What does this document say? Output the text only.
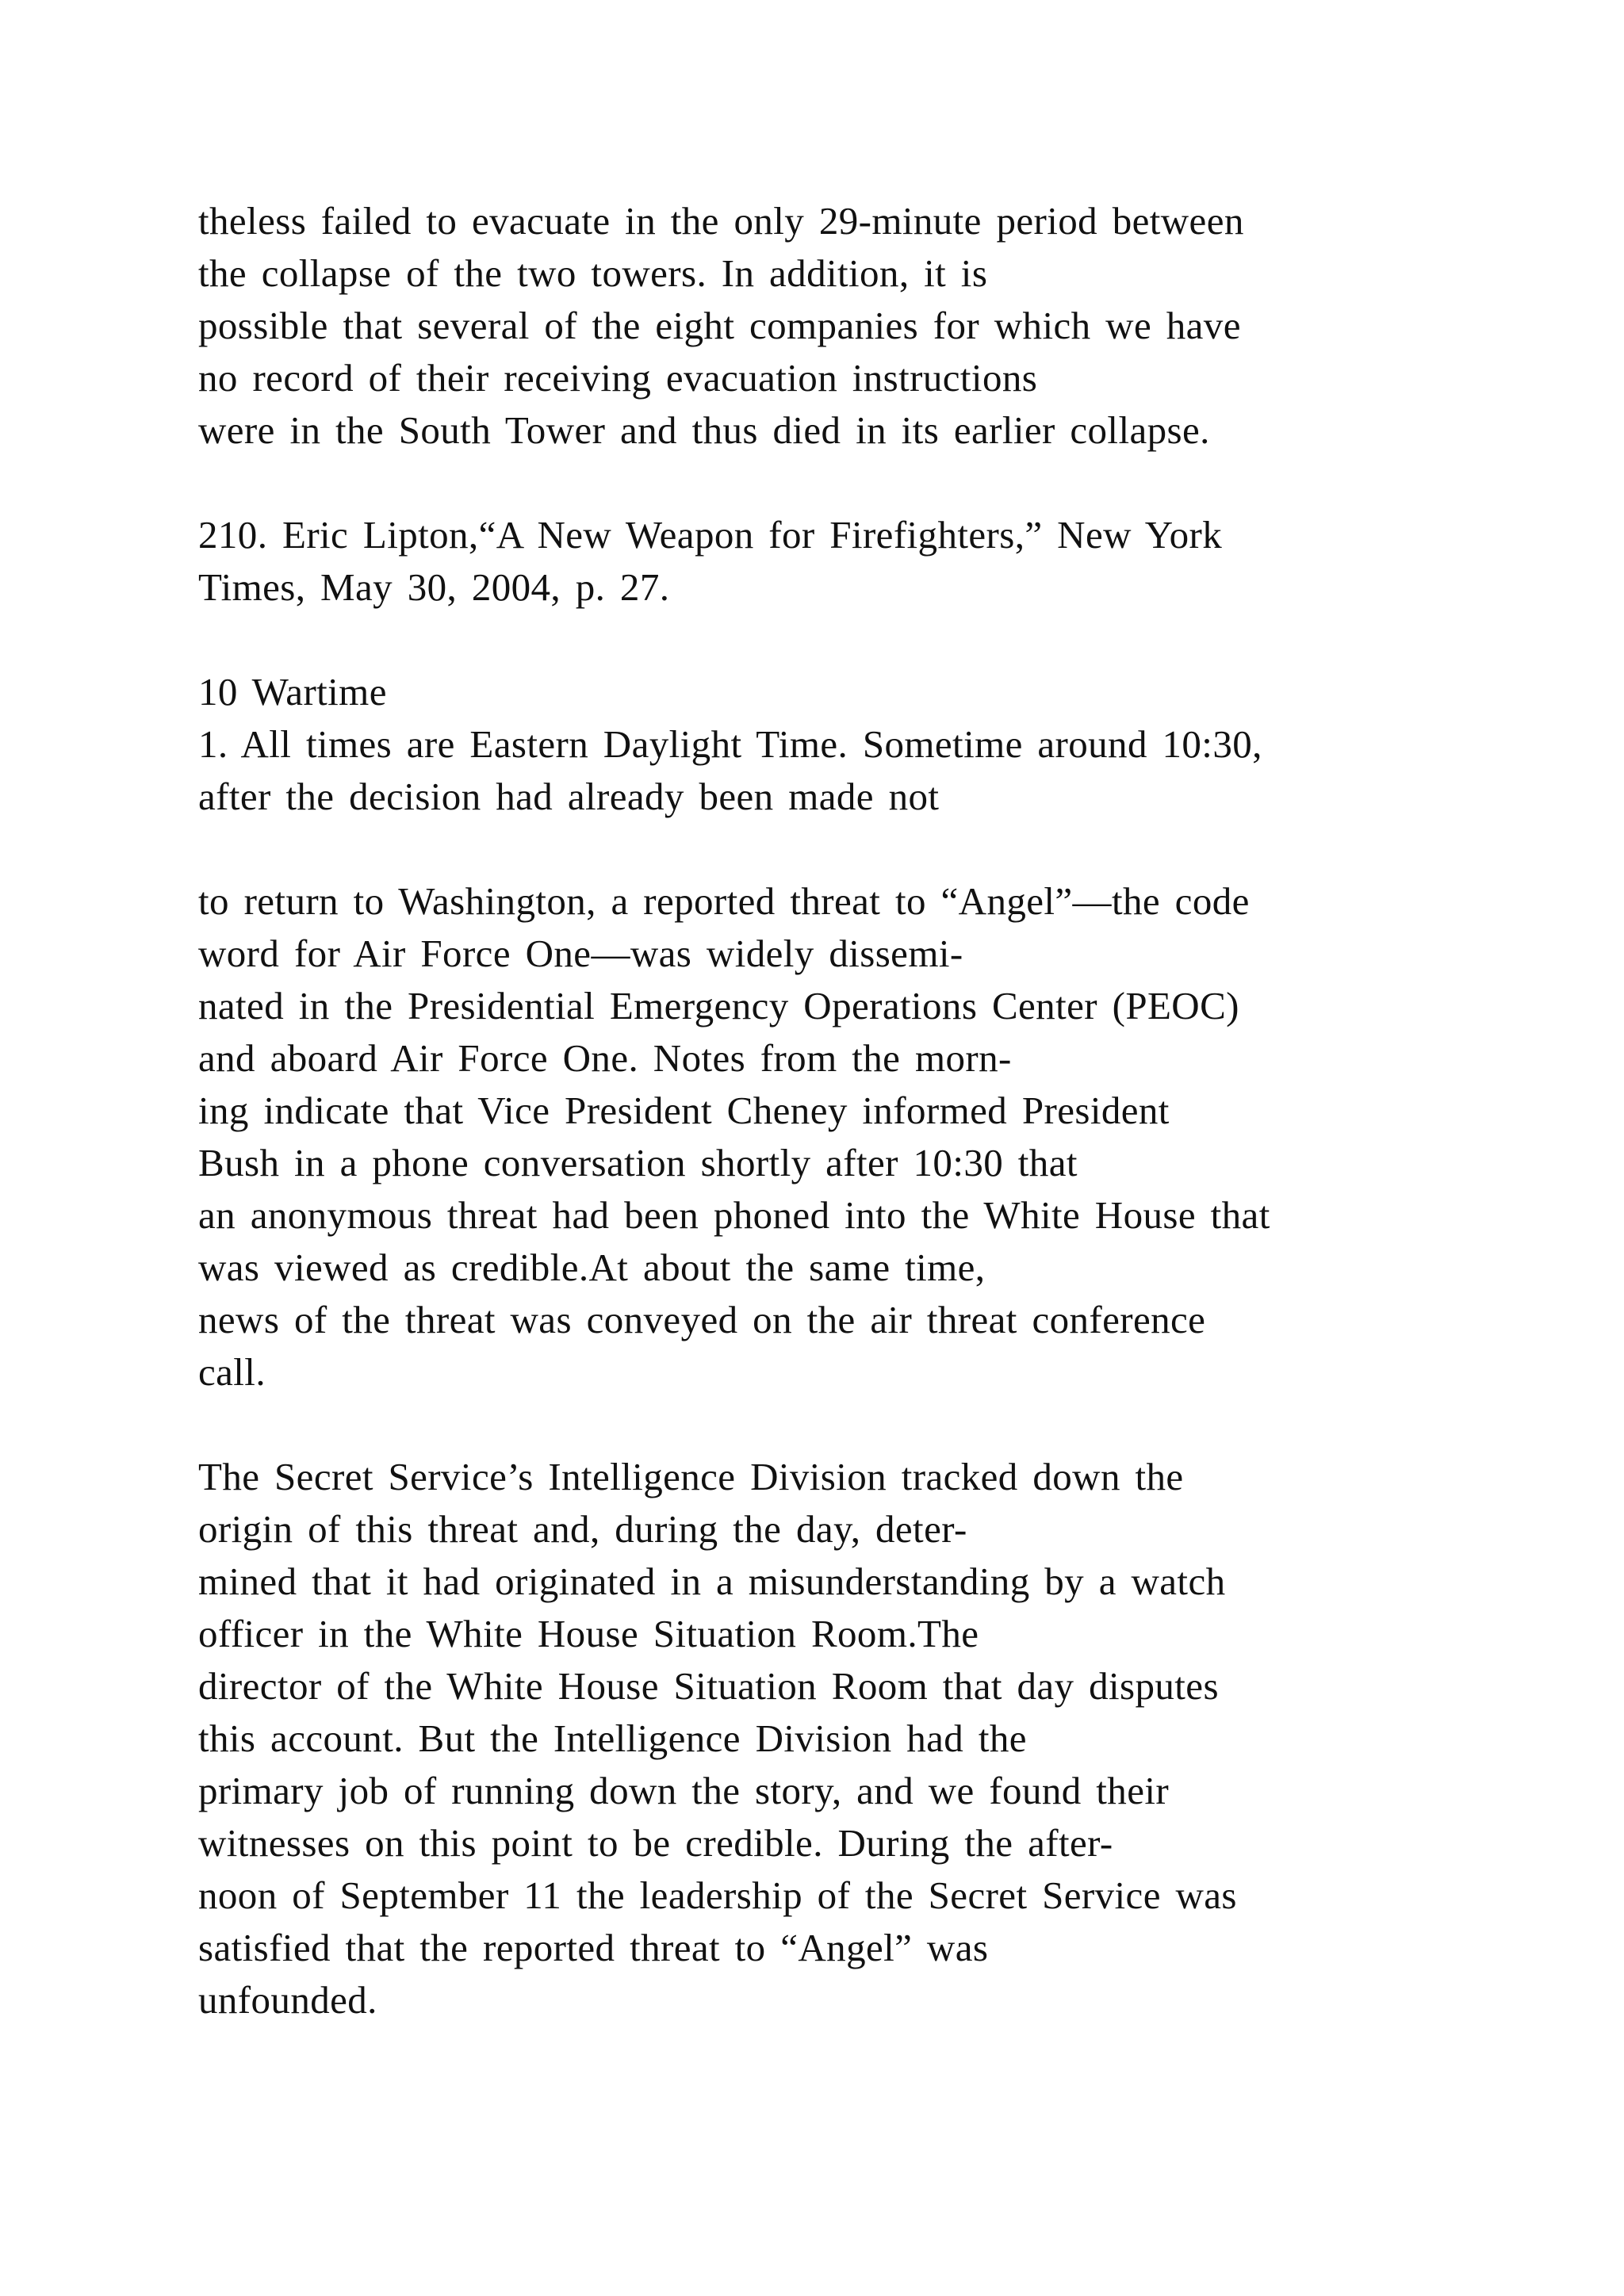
theless failed to evacuate in the only 29-minute period between
the collapse of the two towers. In addition, it is
possible that several of the eight companies for which we have
no record of their receiving evacuation instructions
were in the South Tower and thus died in its earlier collapse.
210. Eric Lipton,“A New Weapon for Firefighters,” New York
Times, May 30, 2004, p. 27.
10 Wartime
1. All times are Eastern Daylight Time. Sometime around 10:30,
after the decision had already been made not
to return to Washington, a reported threat to “Angel”—the code
word for Air Force One—was widely dissemi-
nated in the Presidential Emergency Operations Center (PEOC)
and aboard Air Force One. Notes from the morn-
ing indicate that Vice President Cheney informed President
Bush in a phone conversation shortly after 10:30 that
an anonymous threat had been phoned into the White House that
was viewed as credible.At about the same time,
news of the threat was conveyed on the air threat conference
call.
The Secret Service’s Intelligence Division tracked down the
origin of this threat and, during the day, deter-
mined that it had originated in a misunderstanding by a watch
officer in the White House Situation Room.The
director of the White House Situation Room that day disputes
this account. But the Intelligence Division had the
primary job of running down the story, and we found their
witnesses on this point to be credible. During the after-
noon of September 11 the leadership of the Secret Service was
satisfied that the reported threat to “Angel” was
unfounded.
